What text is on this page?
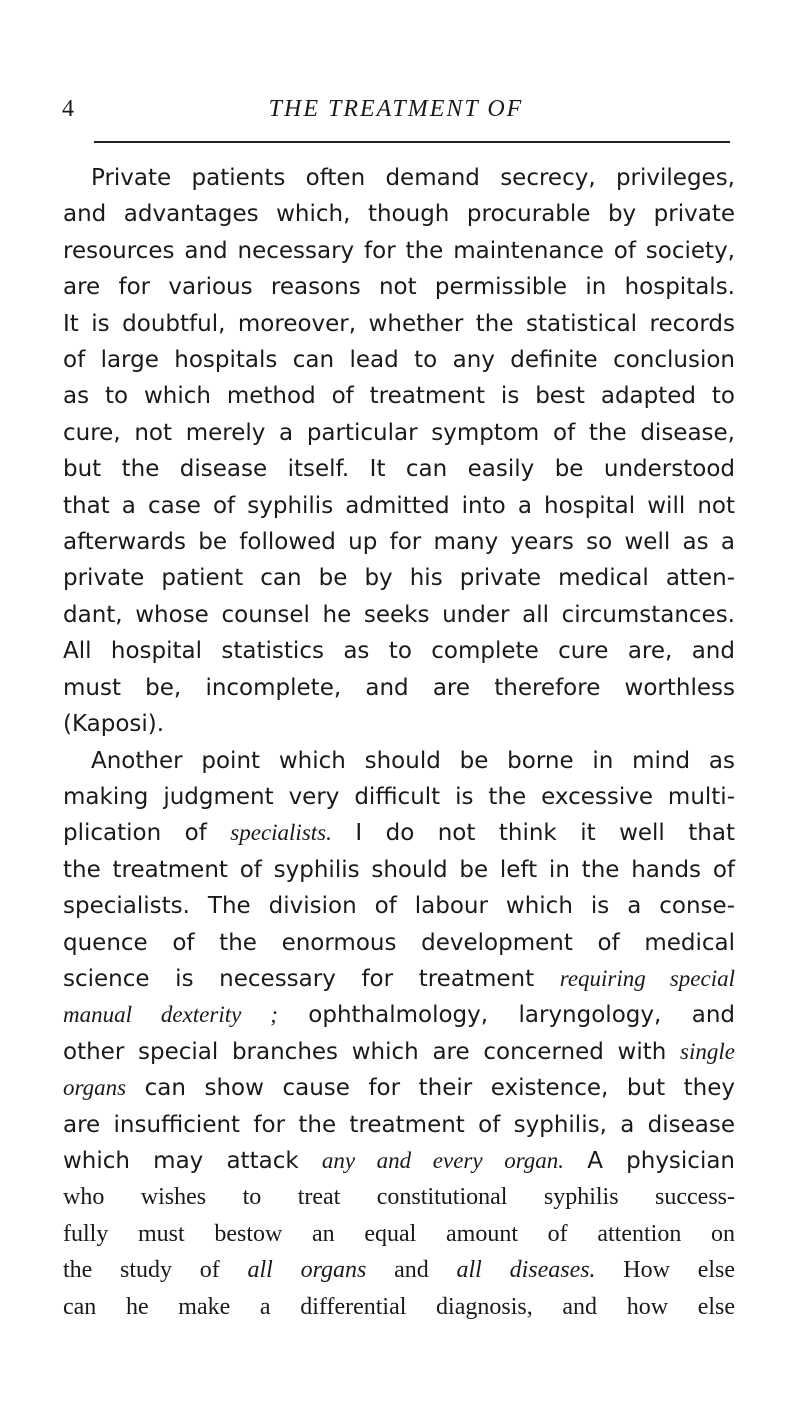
4	THE TREATMENT OF
Private patients often demand secrecy, privileges,
and advantages which, though procurable by private
resources and necessary for the maintenance of society,
are for various reasons not permissible in hospitals.
It is doubtful, moreover, whether the statistical records
of large hospitals can lead to any definite conclusion
as to which method of treatment is best adapted to
cure, not merely a particular symptom of the disease,
but the disease itself. It can easily be understood
that a case of syphilis admitted into a hospital will not
afterwards be followed up for many years so well as a
private patient can be by his private medical atten-
dant, whose counsel he seeks under all circumstances.
All hospital statistics as to complete cure are, and
must be, incomplete, and are therefore worthless
(Kaposi).
Another point which should be borne in mind as
making judgment very difficult is the excessive multi-
plication of specialists. I do not think it well that
the treatment of syphilis should be left in the hands of
specialists. The division of labour which is a conse-
quence of the enormous development of medical
science is necessary for treatment requiring special
manual dexterity ; ophthalmology, laryngology, and
other special branches which are concerned with single
organs can show cause for their existence, but they
are insufficient for the treatment of syphilis, a disease
which may attack any and every organ. A physician
who wishes to treat constitutional syphilis success-
fully must bestow an equal amount of attention on
the study of all organs and all diseases. How else
can he make a differential diagnosis, and how else
